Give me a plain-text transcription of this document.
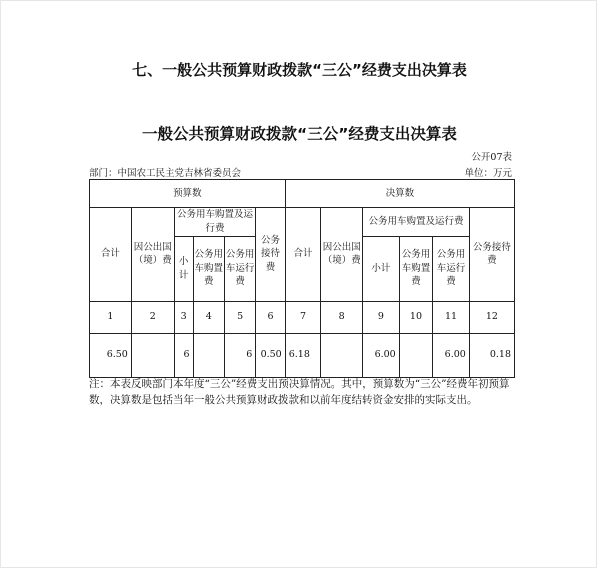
七、一般公共预算财政拨款“三公”经费支出决算表
一般公共预算财政拨款“三公”经费支出决算表
公开07表
部门：中国农工民主党吉林省委员会	单位：万元
预算数						决算数					
合计	因公出国（境）费	公务用车购置及运行费			公务接待费	合计	因公出国（境）费	公务用车购置及运行费			公务接待费
		小计	公务用车购置费	公务用车运行费				小计	公务用车购置费	公务用车运行费	
1	2	3	4	5	6	7	8	9	10	11	12
6.50		6		6	0.50	6.18		6.00		6.00	0.18
注：本表反映部门本年度“三公”经费支出预决算情况。其中，预算数为“三公”经费年初预算数，决算数是包括当年一般公共预算财政拨款和以前年度结转资金安排的实际支出。
